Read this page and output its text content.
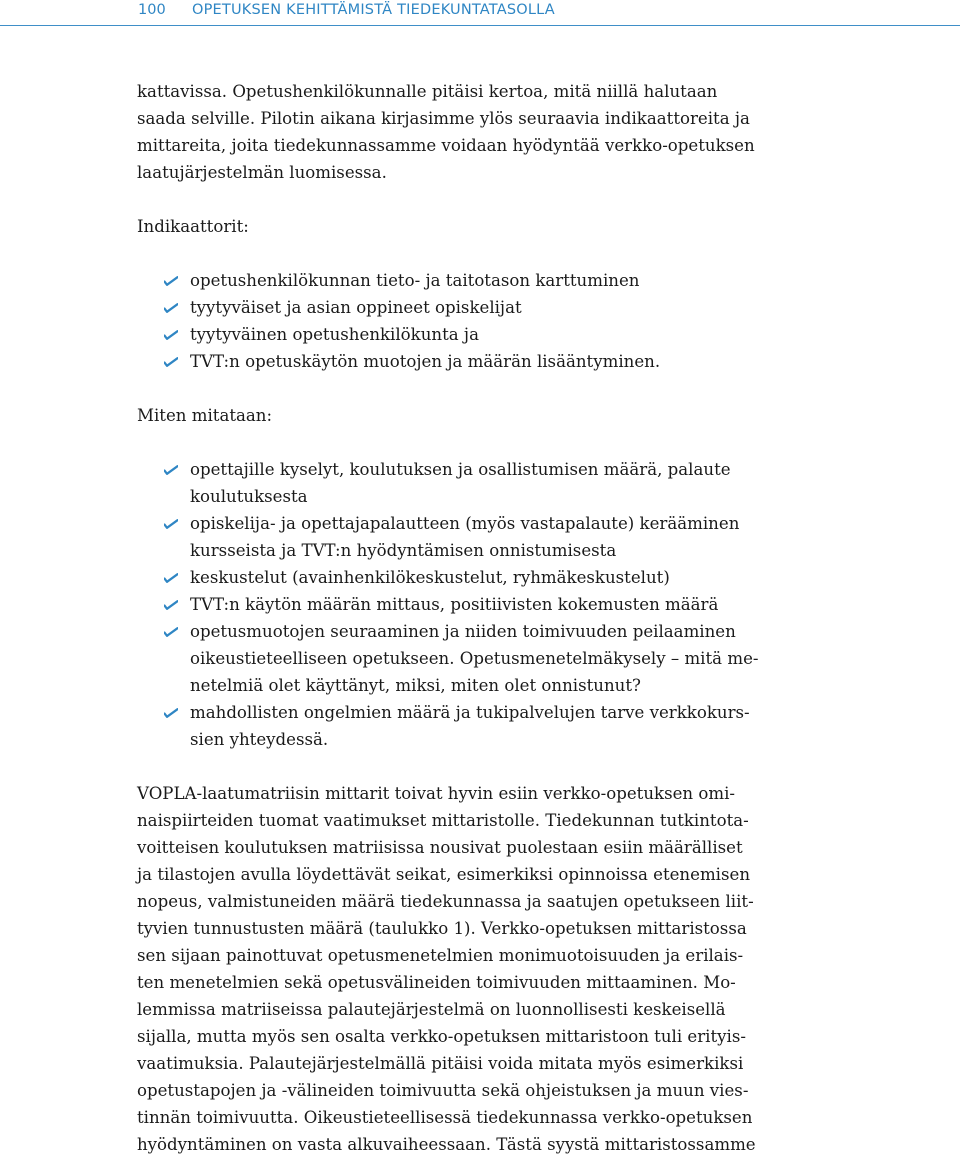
100 OPETUKSEN KEHITTÄMISTÄ TIEDEKUNTATASOLLA
kattavissa. Opetushenkilökunnalle pitäisi kertoa, mitä niillä halutaan
saada selville. Pilotin aikana kirjasimme ylös seuraavia indikaattoreita ja
mittareita, joita tiedekunnassamme voidaan hyödyntää verkko-opetuksen
laatujärjestelmän luomisessa.
Indikaattorit:
opetushenkilökunnan tieto- ja taitotason karttuminen
tyytyväiset ja asian oppineet opiskelijat
tyytyväinen opetushenkilökunta ja
TVT:n opetuskäytön muotojen ja määrän lisääntyminen.
Miten mitataan:
opettajille kyselyt, koulutuksen ja osallistumisen määrä, palaute
koulutuksesta
opiskelija- ja opettajapalautteen (myös vastapalaute) kerääminen
kursseista ja TVT:n hyödyntämisen onnistumisesta
keskustelut (avainhenkilökeskustelut, ryhmäkeskustelut)
TVT:n käytön määrän mittaus, positiivisten kokemusten määrä
opetusmuotojen seuraaminen ja niiden toimivuuden peilaaminen
oikeustieteelliseen opetukseen. Opetusmenetelmäkysely – mitä me-
netelmiä olet käyttänyt, miksi, miten olet onnistunut?
mahdollisten ongelmien määrä ja tukipalvelujen tarve verkkokurs-
sien yhteydessä.
VOPLA-laatumatriisin mittarit toivat hyvin esiin verkko-opetuksen omi-
naispiirteiden tuomat vaatimukset mittaristolle. Tiedekunnan tutkintota-
voitteisen koulutuksen matriisissa nousivat puolestaan esiin määrälliset
ja tilastojen avulla löydettävät seikat, esimerkiksi opinnoissa etenemisen
nopeus, valmistuneiden määrä tiedekunnassa ja saatujen opetukseen liit-
tyvien tunnustusten määrä (taulukko 1). Verkko-opetuksen mittaristossa
sen sijaan painottuvat opetusmenetelmien monimuotoisuuden ja erilais-
ten menetelmien sekä opetusvälineiden toimivuuden mittaaminen. Mo-
lemmissa matriiseissa palautejärjestelmä on luonnollisesti keskeisellä
sijalla, mutta myös sen osalta verkko-opetuksen mittaristoon tuli erityis-
vaatimuksia. Palautejärjestelmällä pitäisi voida mitata myös esimerkiksi
opetustapojen ja -välineiden toimivuutta sekä ohjeistuksen ja muun vies-
tinnän toimivuutta. Oikeustieteellisessä tiedekunnassa verkko-opetuksen
hyödyntäminen on vasta alkuvaiheessaan. Tästä syystä mittaristossamme
